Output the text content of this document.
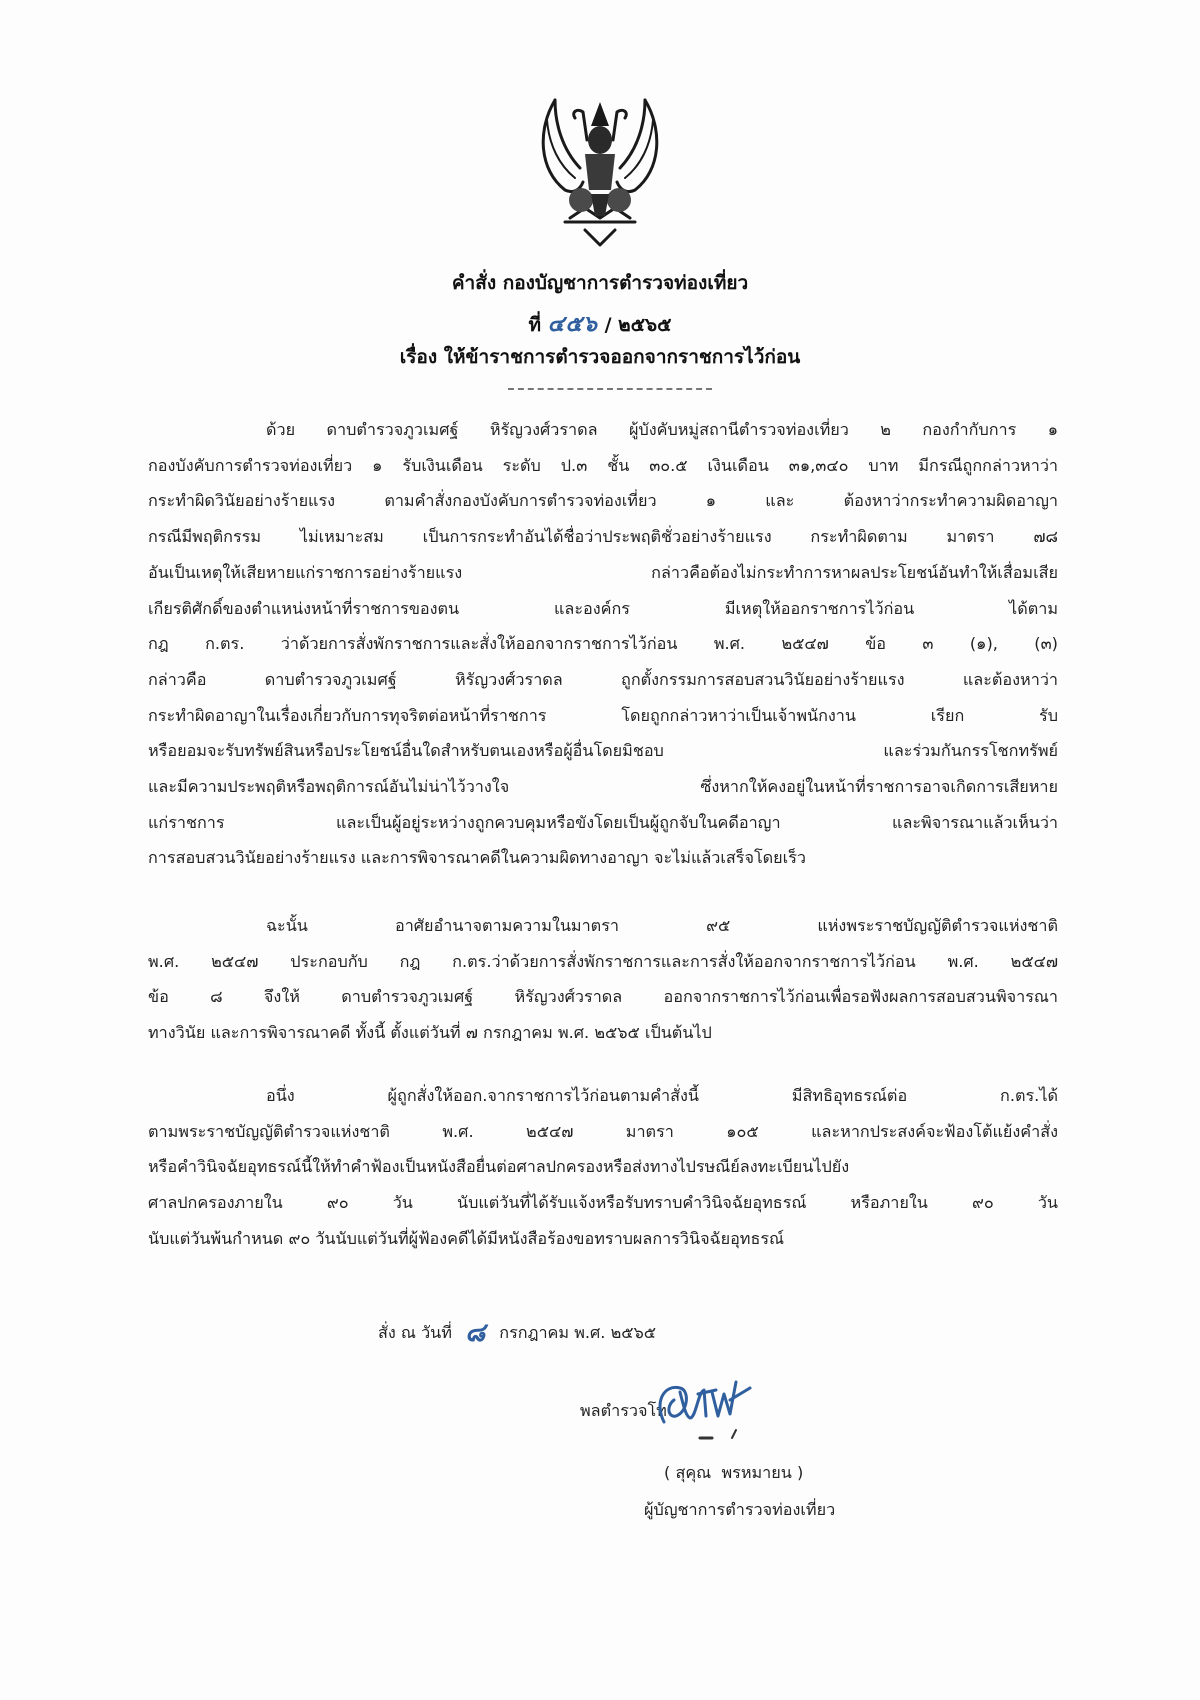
คำสั่ง กองบัญชาการตำรวจท่องเที่ยว
ที่ ๔๕๖ / ๒๕๖๕
เรื่อง ให้ข้าราชการตำรวจออกจากราชการไว้ก่อน
ด้วย ดาบตำรวจภูวเมศฐ์ หิรัญวงศ์วราดล ผู้บังคับหมู่สถานีตำรวจท่องเที่ยว ๒ กองกำกับการ ๑
กองบังคับการตำรวจท่องเที่ยว ๑ รับเงินเดือน ระดับ ป.๓ ชั้น ๓๐.๕ เงินเดือน ๓๑,๓๔๐ บาท มีกรณีถูกกล่าวหาว่า
กระทำผิดวินัยอย่างร้ายแรง ตามคำสั่งกองบังคับการตำรวจท่องเที่ยว ๑ และ ต้องหาว่ากระทำความผิดอาญา
กรณีมีพฤติกรรม ไม่เหมาะสม เป็นการกระทำอันได้ชื่อว่าประพฤติชั่วอย่างร้ายแรง กระทำผิดตาม มาตรา ๗๘
อันเป็นเหตุให้เสียหายแก่ราชการอย่างร้ายแรง กล่าวคือต้องไม่กระทำการหาผลประโยชน์อันทำให้เสื่อมเสีย
เกียรติศักดิ์ของตำแหน่งหน้าที่ราชการของตน และองค์กร มีเหตุให้ออกราชการไว้ก่อน ได้ตาม
กฎ ก.ตร. ว่าด้วยการสั่งพักราชการและสั่งให้ออกจากราชการไว้ก่อน พ.ศ. ๒๕๔๗ ข้อ ๓ (๑), (๓)
กล่าวคือ ดาบตำรวจภูวเมศฐ์ หิรัญวงศ์วราดล ถูกตั้งกรรมการสอบสวนวินัยอย่างร้ายแรง และต้องหาว่า
กระทำผิดอาญาในเรื่องเกี่ยวกับการทุจริตต่อหน้าที่ราชการ โดยถูกกล่าวหาว่าเป็นเจ้าพนักงาน เรียก รับ
หรือยอมจะรับทรัพย์สินหรือประโยชน์อื่นใดสำหรับตนเองหรือผู้อื่นโดยมิชอบ และร่วมกันกรรโชกทรัพย์
และมีความประพฤติหรือพฤติการณ์อันไม่น่าไว้วางใจ ซึ่งหากให้คงอยู่ในหน้าที่ราชการอาจเกิดการเสียหาย
แก่ราชการ และเป็นผู้อยู่ระหว่างถูกควบคุมหรือขังโดยเป็นผู้ถูกจับในคดีอาญา และพิจารณาแล้วเห็นว่า
การสอบสวนวินัยอย่างร้ายแรง และการพิจารณาคดีในความผิดทางอาญา จะไม่แล้วเสร็จโดยเร็ว
ฉะนั้น อาศัยอำนาจตามความในมาตรา ๙๕ แห่งพระราชบัญญัติตำรวจแห่งชาติ
พ.ศ. ๒๕๔๗ ประกอบกับ กฎ ก.ตร.ว่าด้วยการสั่งพักราชการและการสั่งให้ออกจากราชการไว้ก่อน พ.ศ. ๒๕๔๗
ข้อ ๘ จึงให้ ดาบตำรวจภูวเมศฐ์ หิรัญวงศ์วราดล ออกจากราชการไว้ก่อนเพื่อรอฟังผลการสอบสวนพิจารณา
ทางวินัย และการพิจารณาคดี ทั้งนี้ ตั้งแต่วันที่ ๗ กรกฎาคม พ.ศ. ๒๕๖๕ เป็นต้นไป
อนึ่ง ผู้ถูกสั่งให้ออก.จากราชการไว้ก่อนตามคำสั่งนี้ มีสิทธิอุทธรณ์ต่อ ก.ตร.ได้
ตามพระราชบัญญัติตำรวจแห่งชาติ พ.ศ. ๒๕๔๗ มาตรา ๑๐๕ และหากประสงค์จะฟ้องโต้แย้งคำสั่ง
หรือคำวินิจฉัยอุทธรณ์นี้ให้ทำคำฟ้องเป็นหนังสือยื่นต่อศาลปกครองหรือส่งทางไปรษณีย์ลงทะเบียนไปยัง
ศาลปกครองภายใน ๙๐ วัน นับแต่วันที่ได้รับแจ้งหรือรับทราบคำวินิจฉัยอุทธรณ์ หรือภายใน ๙๐ วัน
นับแต่วันพ้นกำหนด ๙๐ วันนับแต่วันที่ผู้ฟ้องคดีได้มีหนังสือร้องขอทราบผลการวินิจฉัยอุทธรณ์
สั่ง ณ วันที่ ๘ กรกฎาคม พ.ศ. ๒๕๖๕
พลตำรวจโท
( สุคุณ  พรหมายน )
ผู้บัญชาการตำรวจท่องเที่ยว
